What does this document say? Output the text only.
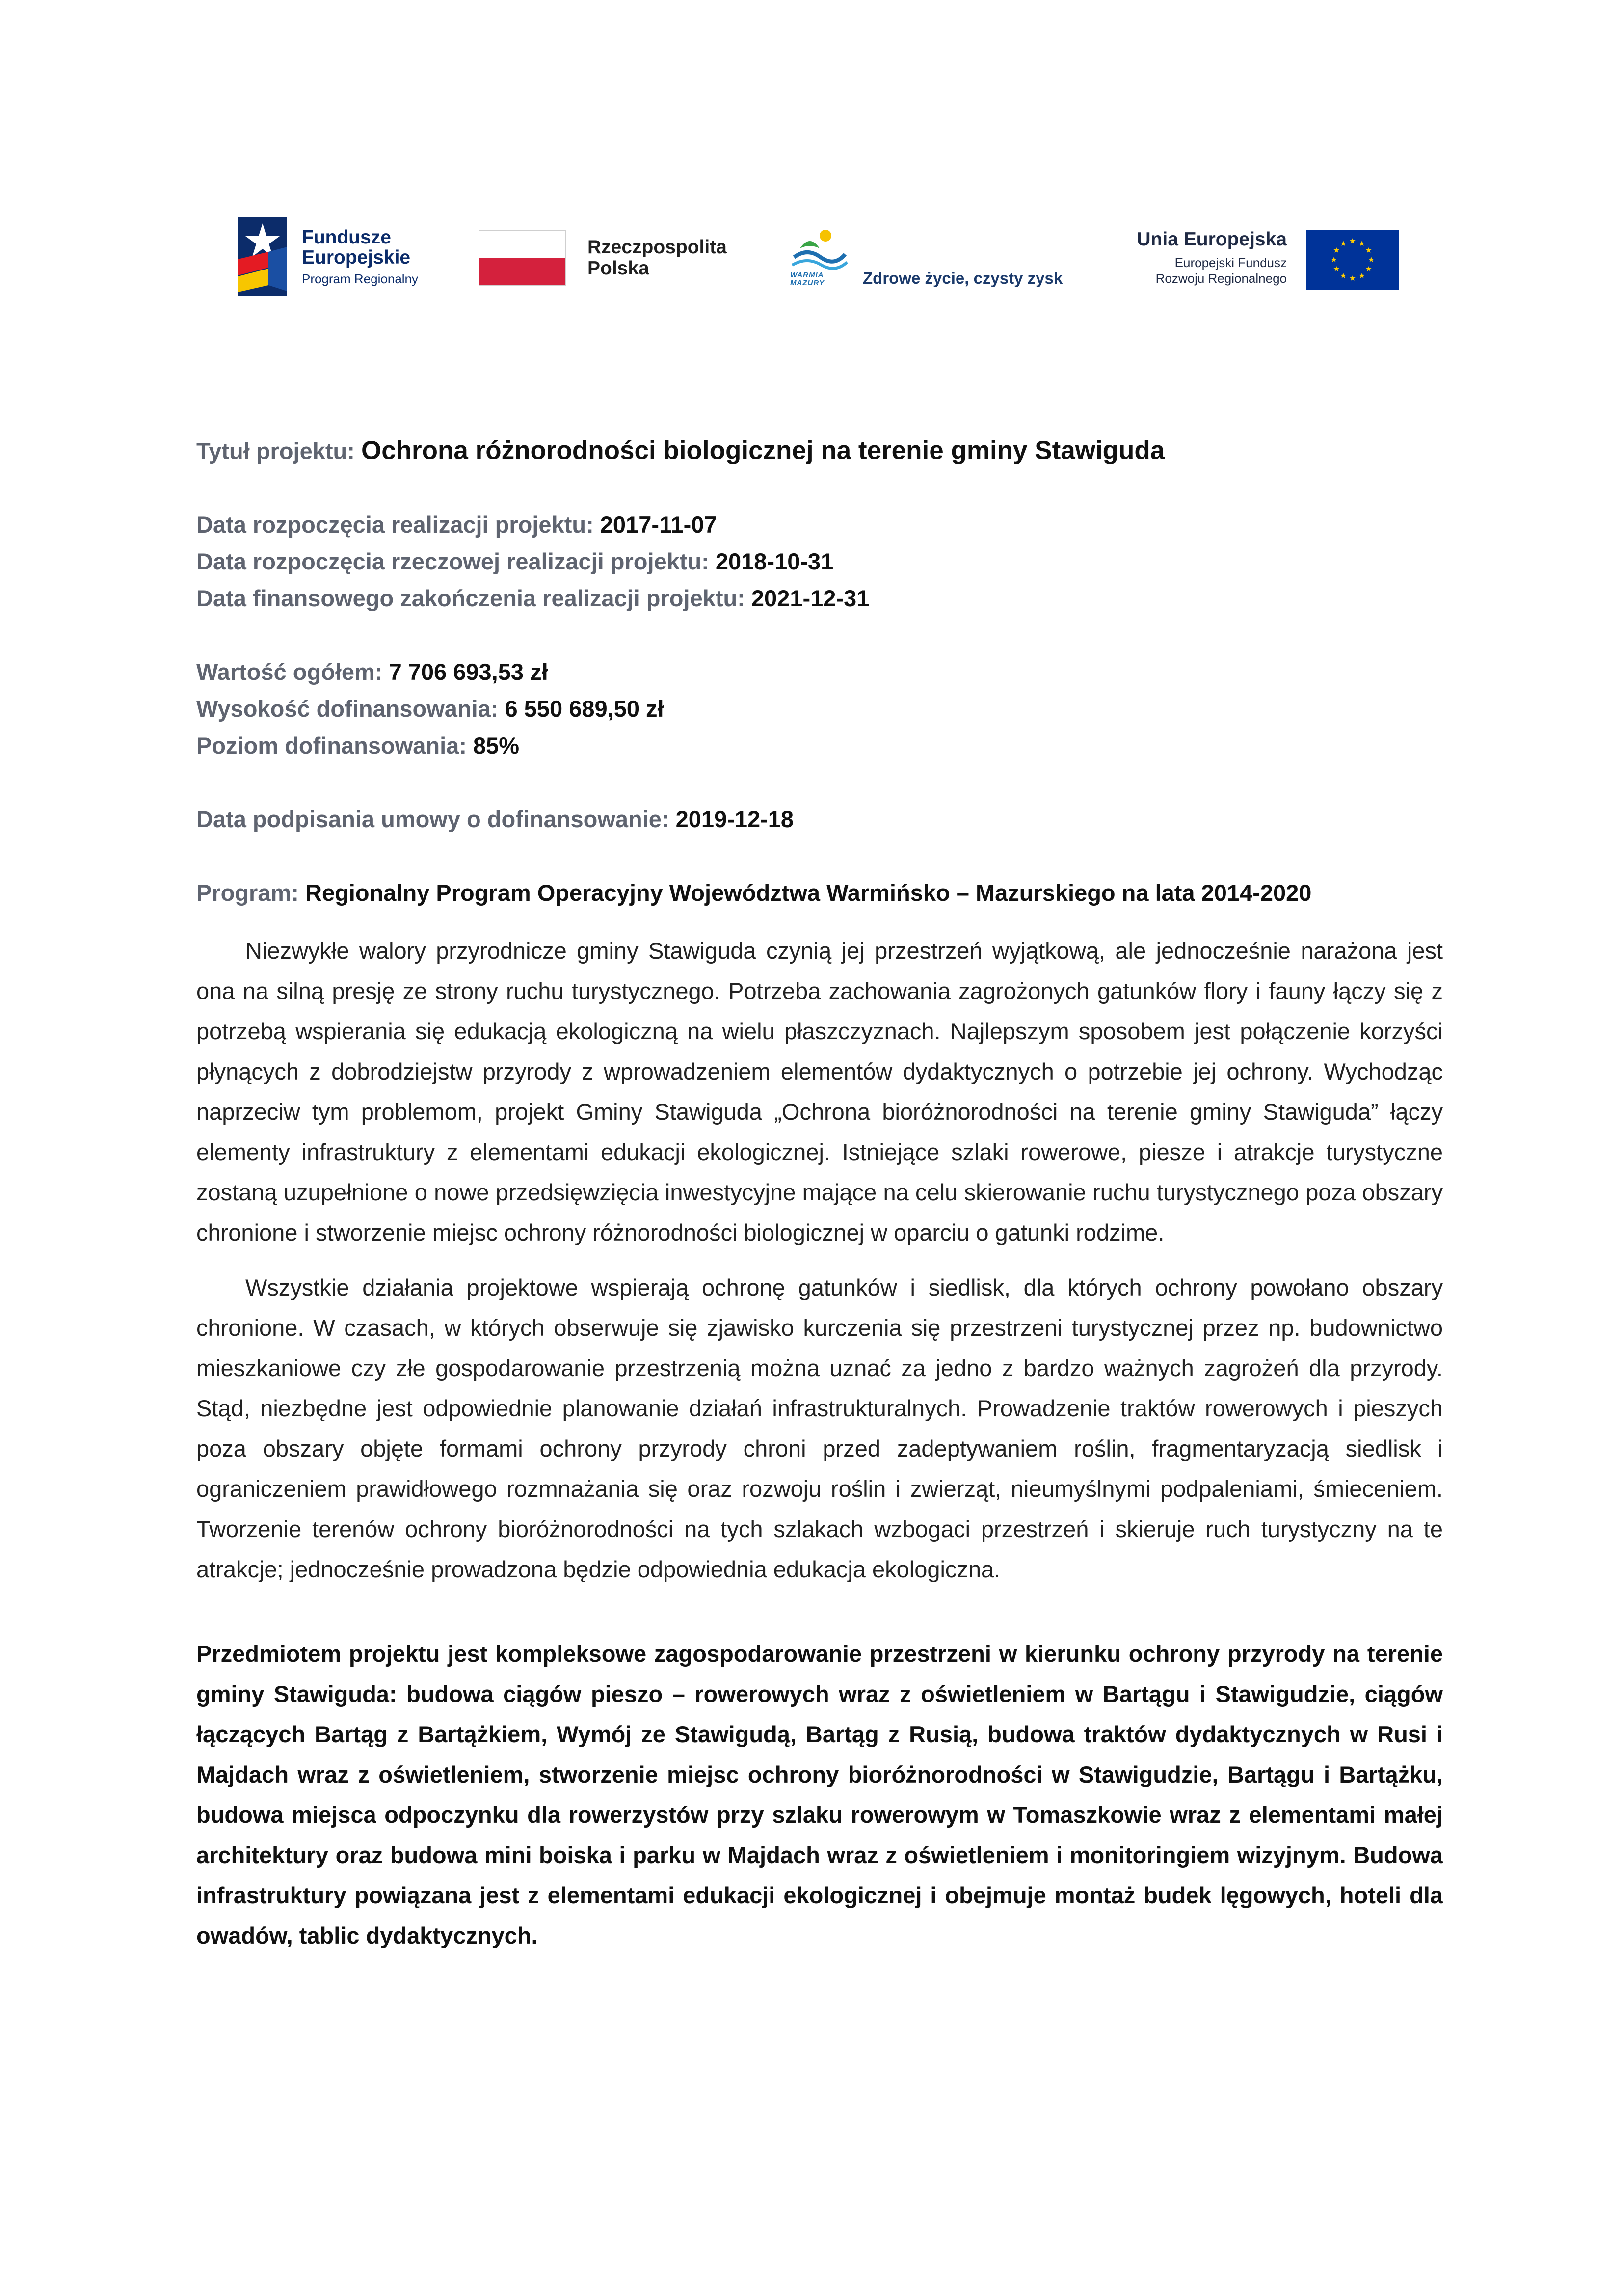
Fundusze
Europejskie
Program Regionalny
Rzeczpospolita
Polska	WARMIA
MAZURY Zdrowe życie, czysty zysk
Unia Europejska
Europejski Fundusz
Rozwoju Regionalnego

Tytuł projektu: Ochrona różnorodności biologicznej na terenie gminy Stawiguda

Data rozpoczęcia realizacji projektu: 2017-11-07

Data rozpoczęcia rzeczowej realizacji projektu: 2018-10-31

Data finansowego zakończenia realizacji projektu: 2021-12-31

Wartość ogółem: 7 706 693,53 zł

Wysokość dofinansowania: 6 550 689,50 zł

Poziom dofinansowania: 85%

Data podpisania umowy o dofinansowanie: 2019-12-18

Program: Regionalny Program Operacyjny Województwa Warmińsko – Mazurskiego na lata 2014-2020

Niezwykłe walory przyrodnicze gminy Stawiguda czynią jej przestrzeń wyjątkową, ale jednocześnie narażona jest ona na silną presję ze strony ruchu turystycznego. Potrzeba zachowania zagrożonych gatunków flory i fauny łączy się z potrzebą wspierania się edukacją ekologiczną na wielu płaszczyznach. Najlepszym sposobem jest połączenie korzyści płynących z dobrodziejstw przyrody z wprowadzeniem elementów dydaktycznych o potrzebie jej ochrony. Wychodząc naprzeciw tym problemom, projekt Gminy Stawiguda „Ochrona bioróżnorodności na terenie gminy Stawiguda” łączy elementy infrastruktury z elementami edukacji ekologicznej. Istniejące szlaki rowerowe, piesze i atrakcje turystyczne zostaną uzupełnione o nowe przedsięwzięcia inwestycyjne mające na celu skierowanie ruchu turystycznego poza obszary chronione i stworzenie miejsc ochrony różnorodności biologicznej w oparciu o gatunki rodzime.

Wszystkie działania projektowe wspierają ochronę gatunków i siedlisk, dla których ochrony powołano obszary chronione. W czasach, w których obserwuje się zjawisko kurczenia się przestrzeni turystycznej przez np. budownictwo mieszkaniowe czy złe gospodarowanie przestrzenią można uznać za jedno z bardzo ważnych zagrożeń dla przyrody. Stąd, niezbędne jest odpowiednie planowanie działań infrastrukturalnych. Prowadzenie traktów rowerowych i pieszych poza obszary objęte formami ochrony przyrody chroni przed zadeptywaniem roślin, fragmentaryzacją siedlisk i ograniczeniem prawidłowego rozmnażania się oraz rozwoju roślin i zwierząt, nieumyślnymi podpaleniami, śmieceniem. Tworzenie terenów ochrony bioróżnorodności na tych szlakach wzbogaci przestrzeń i skieruje ruch turystyczny na te atrakcje; jednocześnie prowadzona będzie odpowiednia edukacja ekologiczna.

Przedmiotem projektu jest kompleksowe zagospodarowanie przestrzeni w kierunku ochrony przyrody na terenie gminy Stawiguda: budowa ciągów pieszo – rowerowych wraz z oświetleniem w Bartągu i Stawigudzie, ciągów łączących Bartąg z Bartążkiem, Wymój ze Stawigudą, Bartąg z Rusią, budowa traktów dydaktycznych w Rusi i Majdach wraz z oświetleniem, stworzenie miejsc ochrony bioróżnorodności w Stawigudzie, Bartągu i Bartążku, budowa miejsca odpoczynku dla rowerzystów przy szlaku rowerowym w Tomaszkowie wraz z elementami małej architektury oraz budowa mini boiska i parku w Majdach wraz z oświetleniem i monitoringiem wizyjnym. Budowa infrastruktury powiązana jest z elementami edukacji ekologicznej i obejmuje montaż budek lęgowych, hoteli dla owadów, tablic dydaktycznych.
